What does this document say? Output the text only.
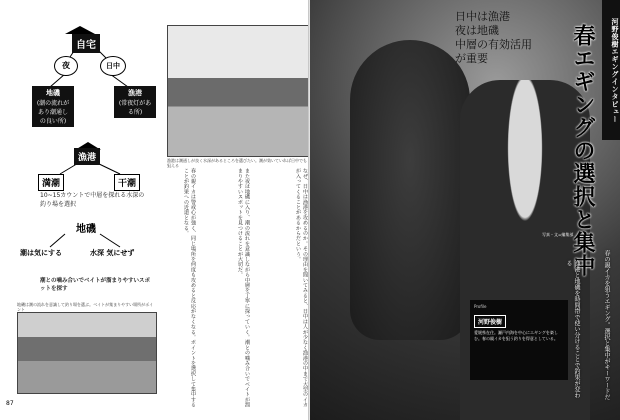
自宅
夜	日中
地磯
(潮の流れがあり潮通しの良い所)
漁港
(常夜灯がある所)
漁港
満潮	干潮
10~15カウントで中層を探れる水深の釣り場を選択
地磯
潮は気にする	水深 気にせず
潮との噛み合いでベイトが溜まりやすいスポットを探す
漁港は潮通しが良く水深があるところを選びたい。潮が効いていれば日中でも狙える
地磯は潮の流れを意識して釣り場を選ぶ。ベイトが集まりやすい場所がポイント	なぜ、日中は漁港を攻めるのか。その理由を聞いてみると、日中は人が少なく漁港の中まで大型のイカが入ってくることがあるからだという。
また夜は地磯に入り、潮の流れを意識しながら中層を丁寧に探っていく。潮との噛み合いでベイトが溜まりやすいスポットを見つけることが大切だ。
春の親イカは警戒心が強く、同じ場所を何度も攻めると反応がなくなる。ポイントを選択して集中することが釣果への近道となる。
87
日中は漁港
夜は地磯
中層の有効活用
が重要	河野俊樹エギングインタビュー
春エギングの選択と集中
写真・文=編集部
春の親イカを狙うエギング。選択と集中がキーワードだ
漁港と地磯を時間帯で使い分けることで釣果が変わる
Profile
河野俊樹
愛媛県在住。瀬戸内海を中心にエギングを楽しむ。春の親イカを狙う釣りを得意としている。
